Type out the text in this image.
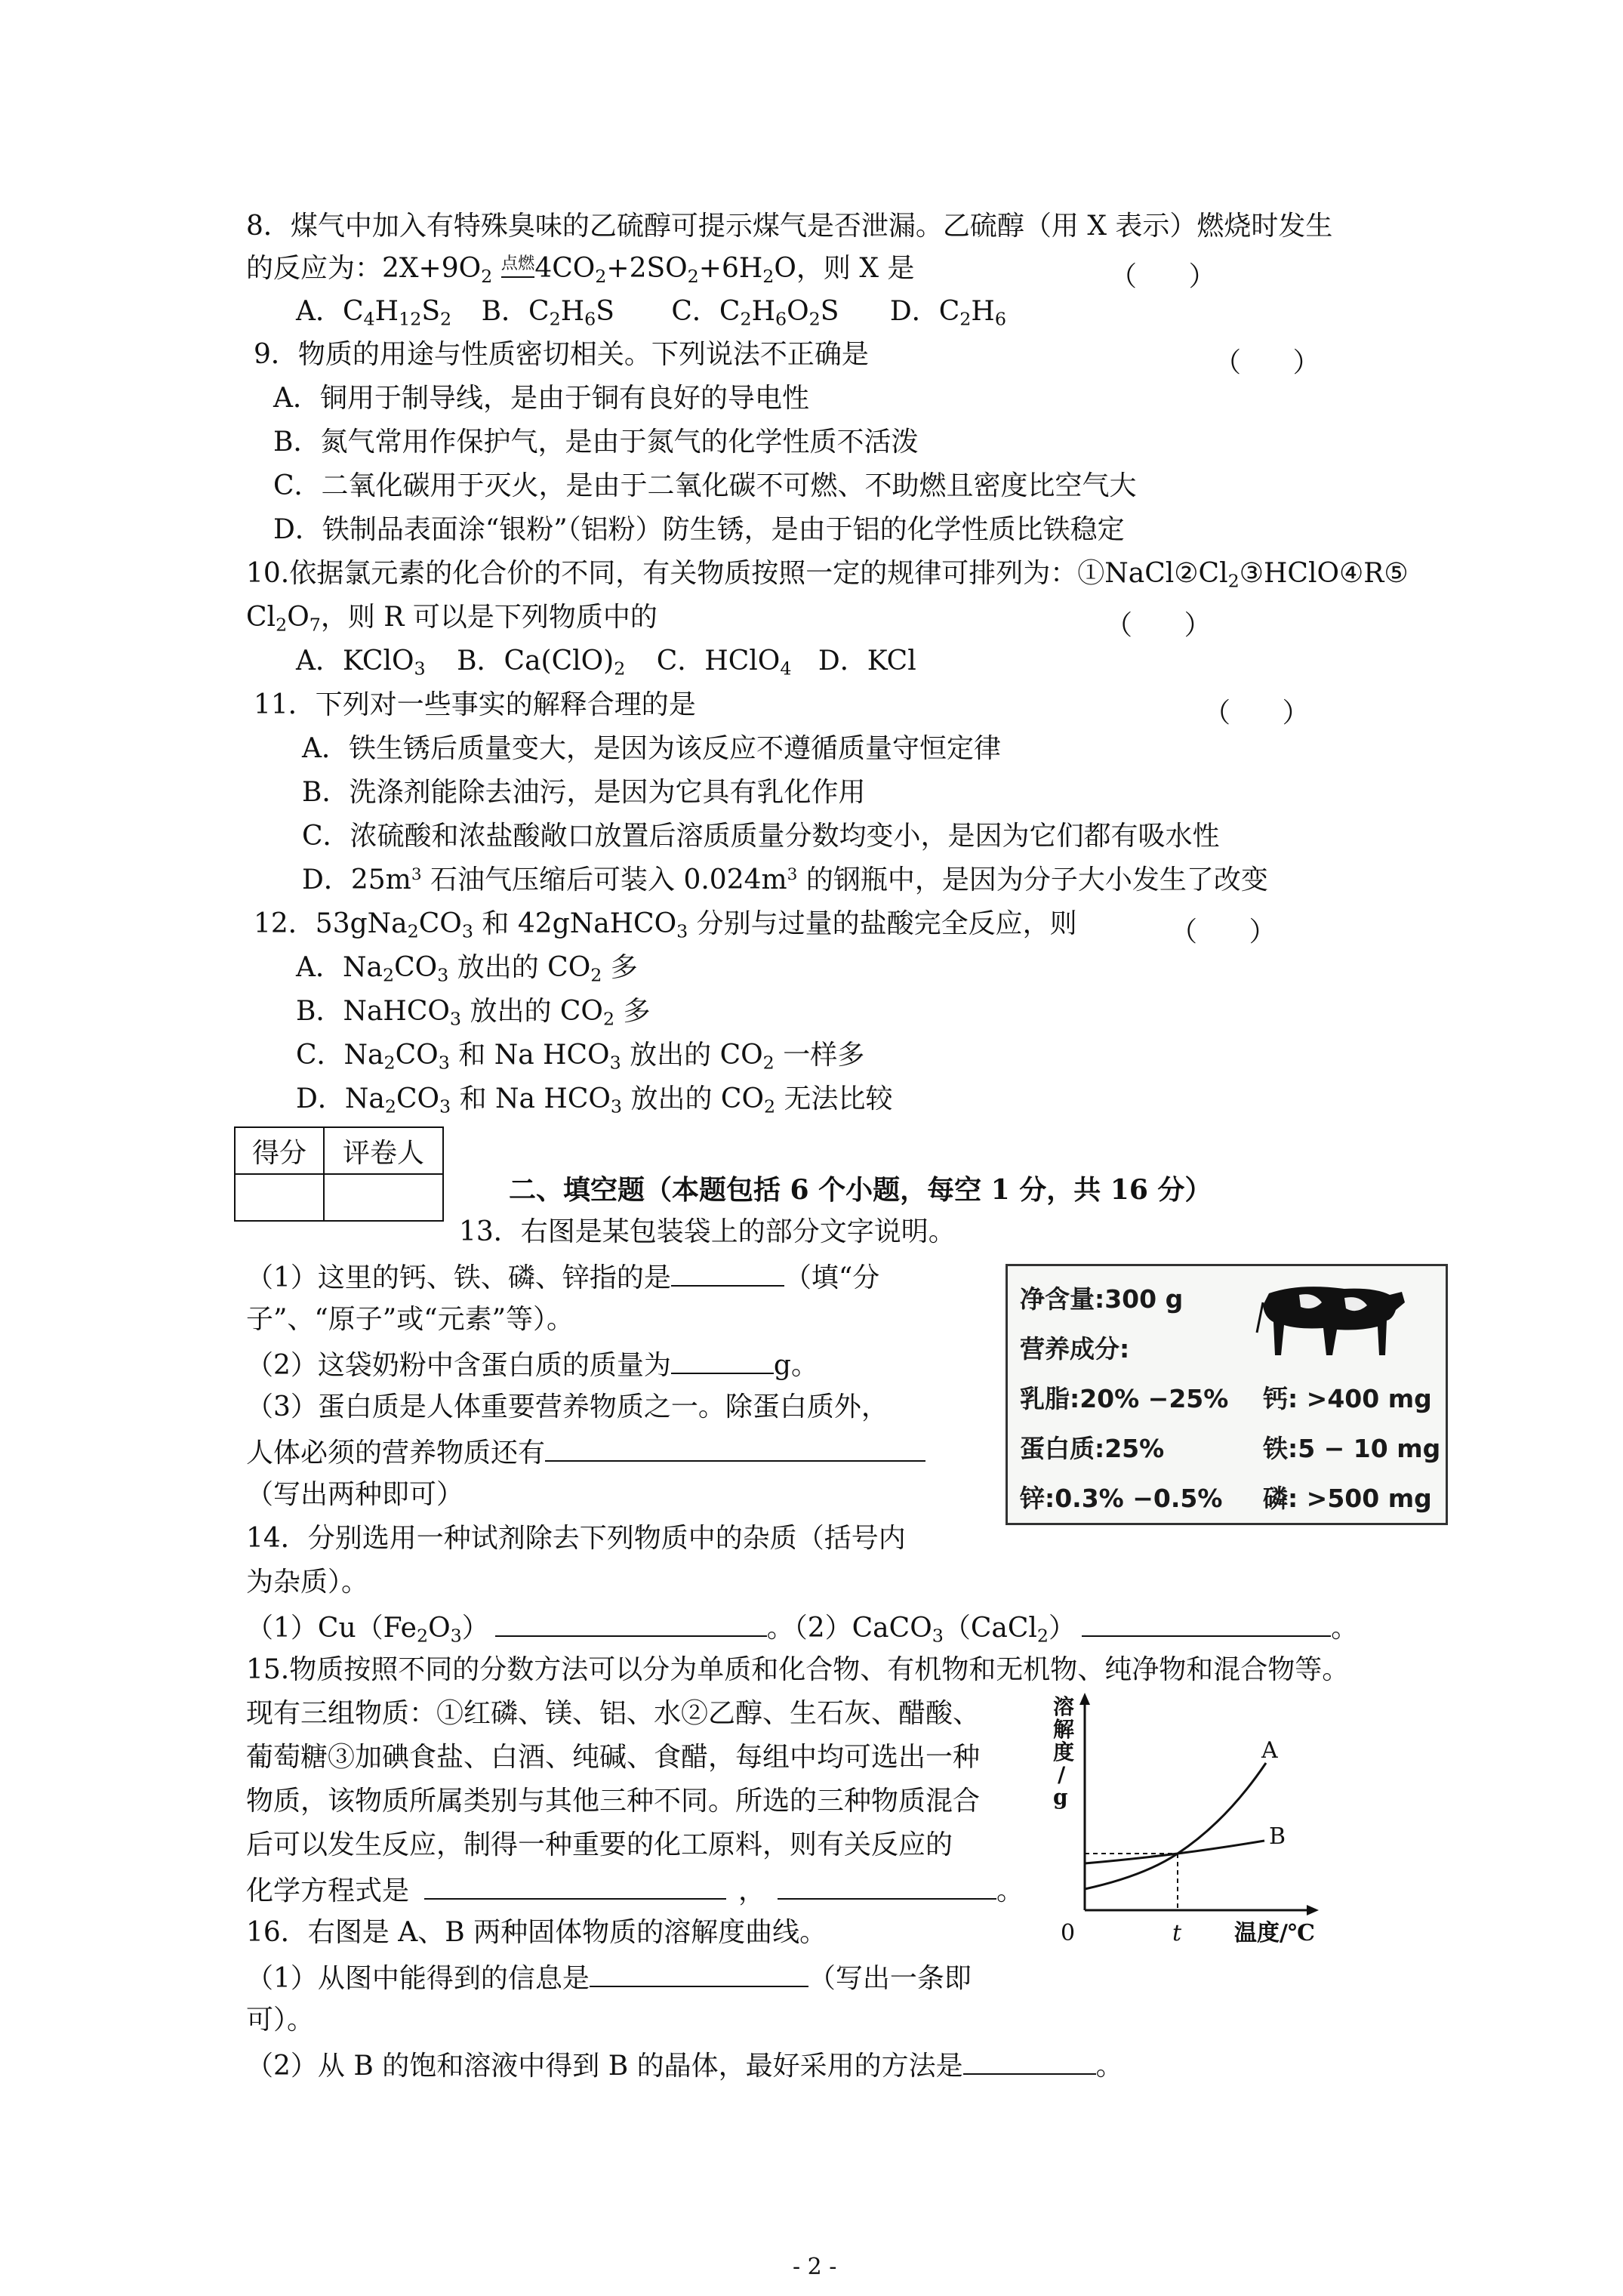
8．煤气中加入有特殊臭味的乙硫醇可提示煤气是否泄漏。乙硫醇（用 X 表示）燃烧时发生
的反应为：$2X+9O_2$ 点燃$4CO_2+2SO_2+6H_2O$，则 X 是	（      ）
A．$C_4H_{12}S_2$ B．$C_2H_6S$ C．$C_2H_6O_2S$ D．$C_2H_6$
9．物质的用途与性质密切相关。下列说法不正确是	（      ）
A．铜用于制导线，是由于铜有良好的导电性
B．氮气常用作保护气，是由于氮气的化学性质不活泼
C．二氧化碳用于灭火，是由于二氧化碳不可燃、不助燃且密度比空气大
D．铁制品表面涂“银粉”（铝粉）防生锈，是由于铝的化学性质比铁稳定
10.依据氯元素的化合价的不同，有关物质按照一定的规律可排列为：$①NaCl②Cl_2③HClO④R⑤$
$Cl_2O_7$，则 R 可以是下列物质中的	（      ）
A．KClO$_3$ B．$Ca(ClO)_2$ C．HClO$_4$ D．KCl
11．下列对一些事实的解释合理的是	（      ）
A．铁生锈后质量变大，是因为该反应不遵循质量守恒定律
B．洗涤剂能除去油污，是因为它具有乳化作用
C．浓硫酸和浓盐酸敞口放置后溶质质量分数均变小，是因为它们都有吸水性
D．$25m^3$ 石油气压缩后可装入 $0.024m^3$ 的钢瓶中，是因为分子大小发生了改变
12．$53gNa_2CO_3$ 和 42gNaHCO$_3$ 分别与过量的盐酸完全反应，则	（      ）
A．$Na_2CO_3$ 放出的 $CO_2$ 多
B．NaHCO$_3$ 放出的 $CO_2$ 多
C．$Na_2CO_3$ 和 Na $HCO_3$ 放出的 $CO_2$ 一样多
D．$Na_2CO_3$ 和 Na $HCO_3$ 放出的 $CO_2$ 无法比较
得分	评卷人

二、填空题（本题包括 6 个小题，每空 1 分，共 16 分）
13．右图是某包装袋上的部分文字说明。
（1）这里的钙、铁、磷、锌指的是	（填“分
子”、“原子”或“元素”等）。
（2）这袋奶粉中含蛋白质的质量为	g。
（3）蛋白质是人体重要营养物质之一。除蛋白质外，
人体必须的营养物质还有
（写出两种即可）
净含量:300 g
营养成分:
乳脂:20% −25% 钙: >400 mg
蛋白质:25%	铁:5 − 10 mg
锌:0.3% −0.5% 磷: >500 mg
14．分别选用一种试剂除去下列物质中的杂质（括号内
为杂质）。
$(1)Cu(Fe_2O_3)$	。（2）CaCO$_3$（CaCl$_2$）	。
15.物质按照不同的分数方法可以分为单质和化合物、有机物和无机物、纯净物和混合物等。
现有三组物质：①红磷、镁、铝、水②乙醇、生石灰、醋酸、
葡萄糖③加碘食盐、白酒、纯碱、食醋，每组中均可选出一种
物质，该物质所属类别与其他三种不同。所选的三种物质混合
后可以发生反应，制得一种重要的化工原料，则有关反应的
化学方程式是	，	。
16．右图是 A、B 两种固体物质的溶解度曲线。
（1）从图中能得到的信息是	（写出一条即
可）。
（2）从 B 的饱和溶液中得到 B 的晶体，最好采用的方法是	。
溶解度/ g
A
B
0	t 温度/℃
- 2 -
